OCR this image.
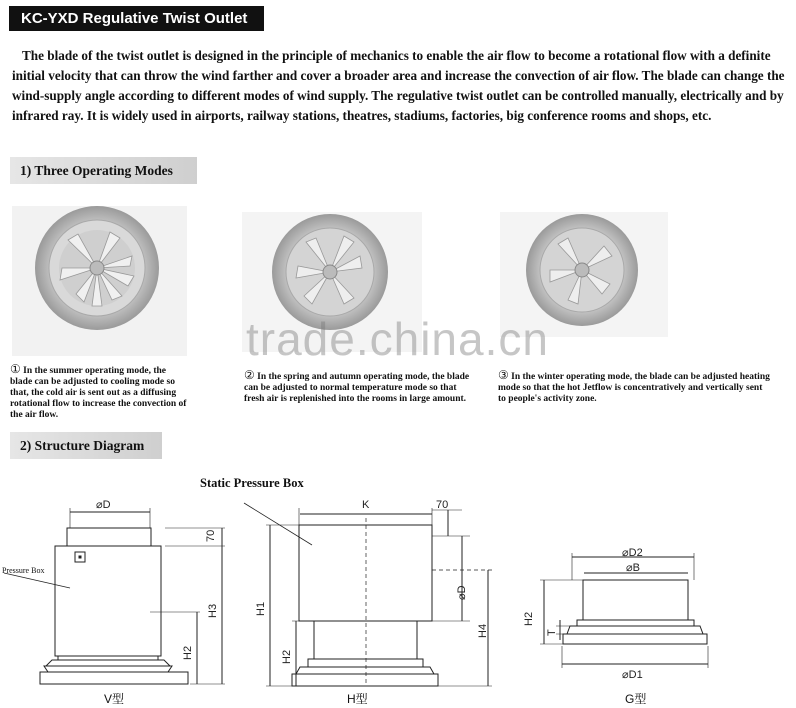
KC-YXD Regulative Twist Outlet

The blade of the twist outlet is designed in the principle of mechanics to enable the air flow to become a rotational flow with a definite initial velocity that can throw the wind farther and cover a broader area and increase the convection of air flow. The blade can change the wind-supply angle according to different modes of wind supply. The regulative twist outlet can be controlled manually, electrically and by infrared ray. It is widely used in airports, railway stations, theatres, stadiums, factories, big conference rooms and shops, etc.

1) Three Operating Modes
trade.china.cn
① In the summer operating mode, the blade can be adjusted to cooling mode so that, the cold air is sent out as a diffusing rotational flow to increase the convection of the air flow.
② In the spring and autumn operating mode, the blade can be adjusted to normal temperature mode so that fresh air is replenished into the rooms in large amount.
③ In the winter operating mode, the blade can be adjusted heating mode so that the hot Jetflow is concentratively and vertically sent to people's activity zone.
2) Structure Diagram
⌀D
70
H3
H2
K	70
⌀D
H1
H2
H4
⌀D2
⌀B
⌀D1
H2
T
Static Pressure Box
Pressure Box
V型	H型	G型
